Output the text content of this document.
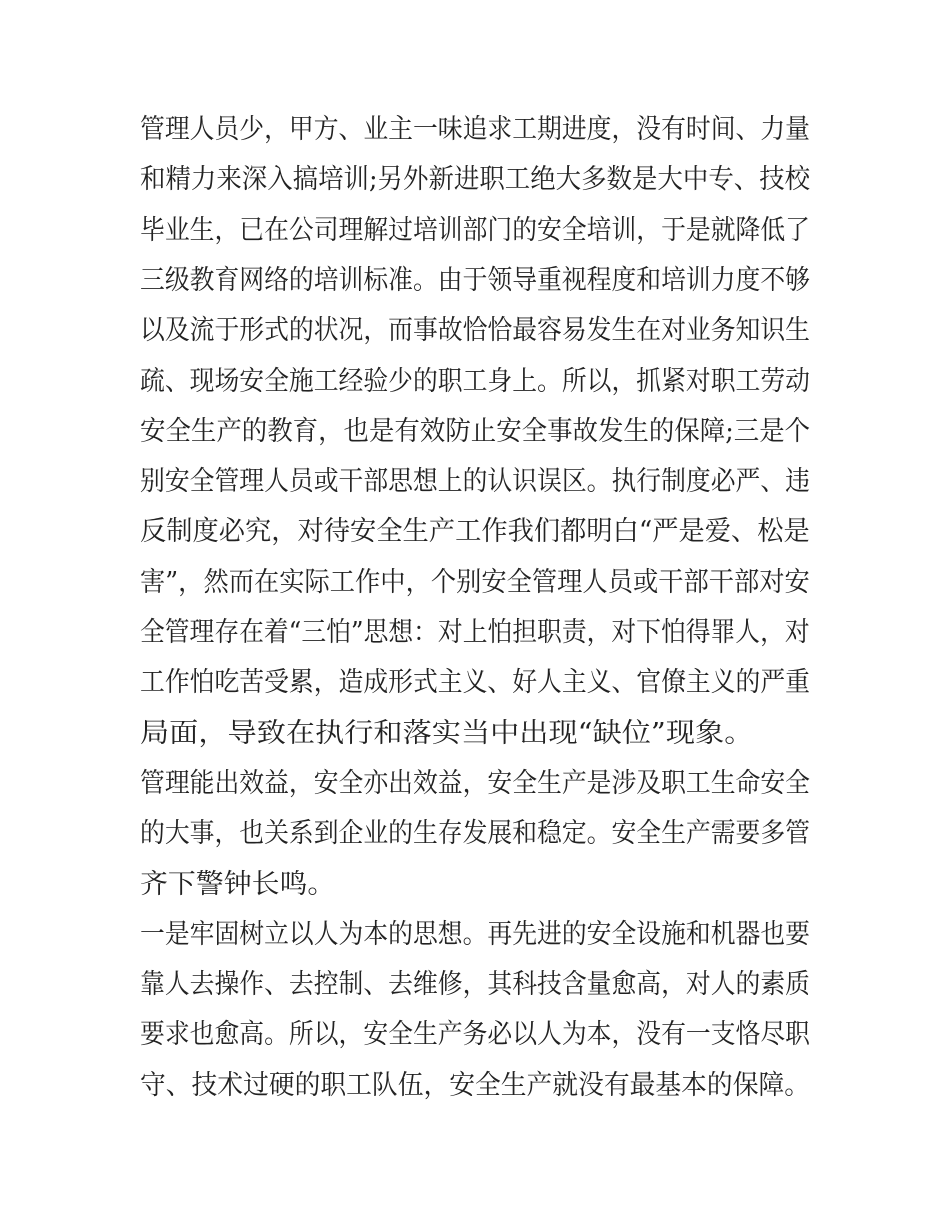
管理人员少，甲方、业主一味追求工期进度，没有时间、力量
和精力来深入搞培训;另外新进职工绝大多数是大中专、技校
毕业生，已在公司理解过培训部门的安全培训，于是就降低了
三级教育网络的培训标准。由于领导重视程度和培训力度不够
以及流于形式的状况，而事故恰恰最容易发生在对业务知识生
疏、现场安全施工经验少的职工身上。所以，抓紧对职工劳动
安全生产的教育，也是有效防止安全事故发生的保障;三是个
别安全管理人员或干部思想上的认识误区。执行制度必严、违
反制度必究，对待安全生产工作我们都明白“严是爱、松是
害”，然而在实际工作中，个别安全管理人员或干部干部对安
全管理存在着“三怕”思想：对上怕担职责，对下怕得罪人，对
工作怕吃苦受累，造成形式主义、好人主义、官僚主义的严重
局面，导致在执行和落实当中出现“缺位”现象。
管理能出效益，安全亦出效益，安全生产是涉及职工生命安全
的大事，也关系到企业的生存发展和稳定。安全生产需要多管
齐下警钟长鸣。
一是牢固树立以人为本的思想。再先进的安全设施和机器也要
靠人去操作、去控制、去维修，其科技含量愈高，对人的素质
要求也愈高。所以，安全生产务必以人为本，没有一支恪尽职
守、技术过硬的职工队伍，安全生产就没有最基本的保障。
